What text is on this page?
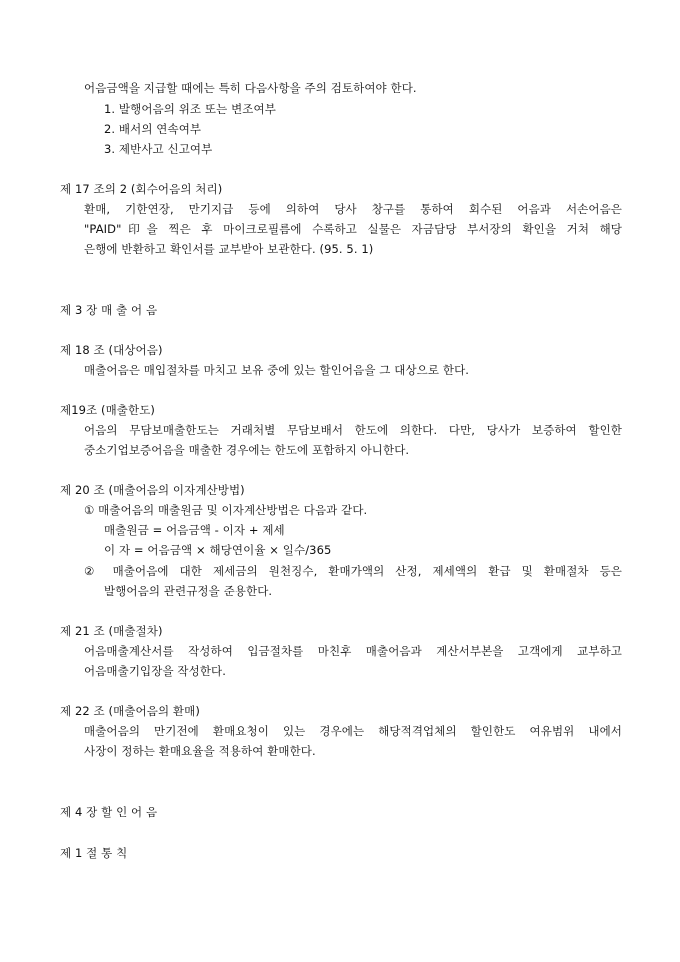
어음금액을 지급할 때에는 특히 다음사항을 주의 검토하여야 한다.
1. 발행어음의 위조 또는 변조여부
2. 배서의 연속여부
3. 제반사고 신고여부
제 17 조의 2 (회수어음의 처리)
환매, 기한연장, 만기지급 등에 의하여 당사 창구를 통하여 회수된 어음과 서손어음은
"PAID"印을 찍은 후 마이크로필름에 수록하고 실물은 자금담당 부서장의 확인을 거쳐 해당
은행에 반환하고 확인서를 교부받아 보관한다. (95. 5. 1)
제 3 장 매 출 어 음
제 18 조 (대상어음)
매출어음은 매입절차를 마치고 보유 중에 있는 할인어음을 그 대상으로 한다.
제19조 (매출한도)
어음의 무담보매출한도는 거래처별 무담보배서 한도에 의한다. 다만, 당사가 보증하여 할인한
중소기업보증어음을 매출한 경우에는 한도에 포함하지 아니한다.
제 20 조 (매출어음의 이자계산방법)
① 매출어음의 매출원금 및 이자계산방법은 다음과 같다.
매출원금 = 어음금액 - 이자 + 제세
이 자 = 어음금액 × 해당연이율 × 일수/365
② 매출어음에 대한 제세금의 원천징수, 환매가액의 산정, 제세액의 환급 및 환매절차 등은
발행어음의 관련규정을 준용한다.
제 21 조 (매출절차)
어음매출계산서를 작성하여 입금절차를 마친후 매출어음과 계산서부본을 고객에게 교부하고
어음매출기입장을 작성한다.
제 22 조 (매출어음의 환매)
매출어음의 만기전에 환매요청이 있는 경우에는 해당적격업체의 할인한도 여유범위 내에서
사장이 정하는 환매요율을 적용하여 환매한다.
제 4 장 할 인 어 음
제 1 절 통 칙
